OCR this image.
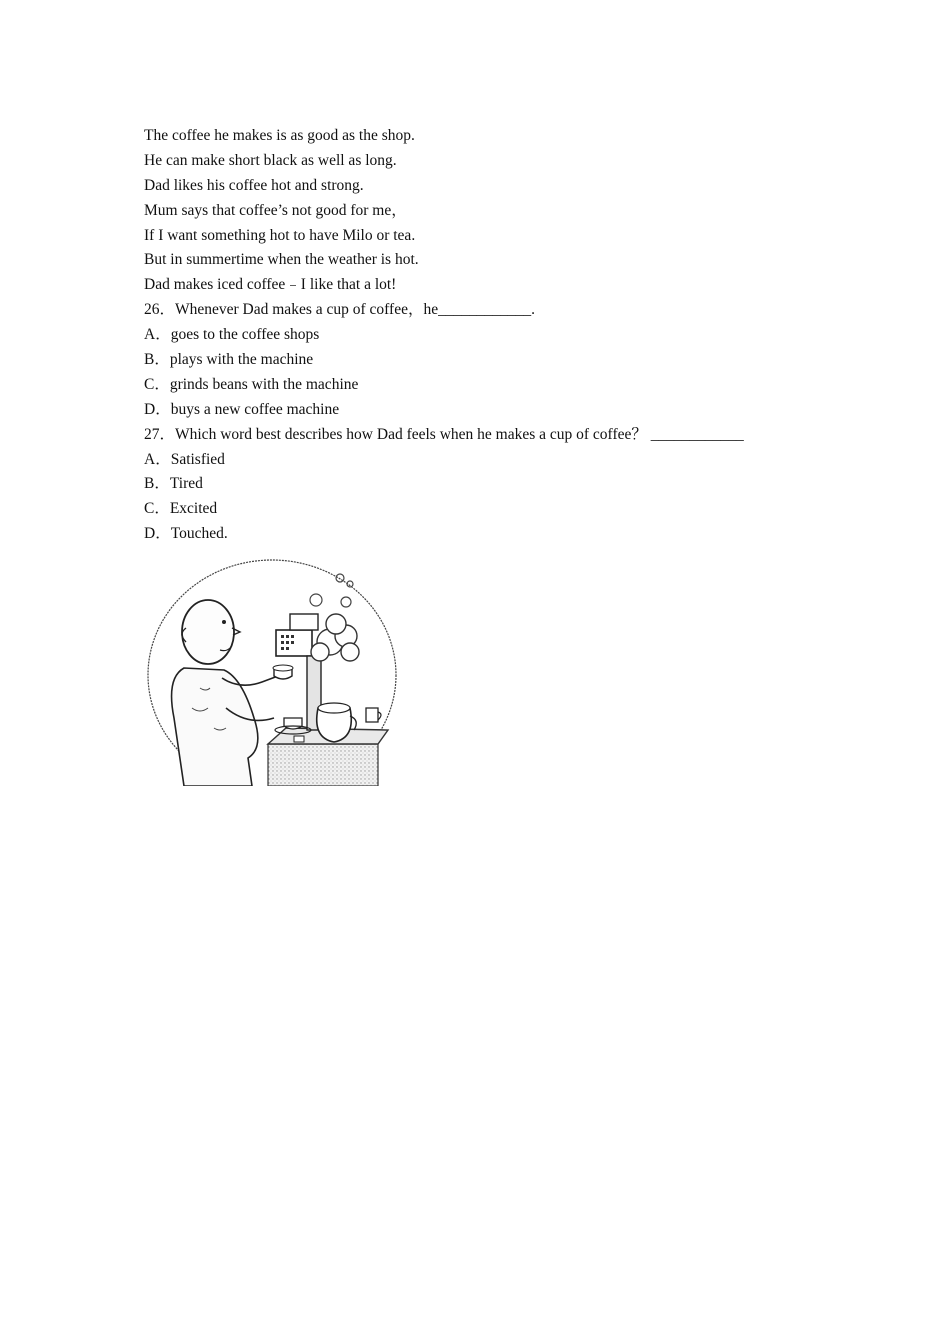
The coffee he makes is as good as the shop.
He can make short black as well as long.
Dad likes his coffee hot and strong.
Mum says that coffee’s not good for me，
If I want something hot to have Milo or tea.
But in summertime when the weather is hot.
Dad makes iced coffee﹣I like that a lot!
26．Whenever Dad makes a cup of coffee，he____________.
A．goes to the coffee shops
B．plays with the machine
C．grinds beans with the machine
D．buys a new coffee machine
27．Which word best describes how Dad feels when he makes a cup of coffee？ ____________
A．Satisfied
B．Tired
C．Excited
D．Touched.
